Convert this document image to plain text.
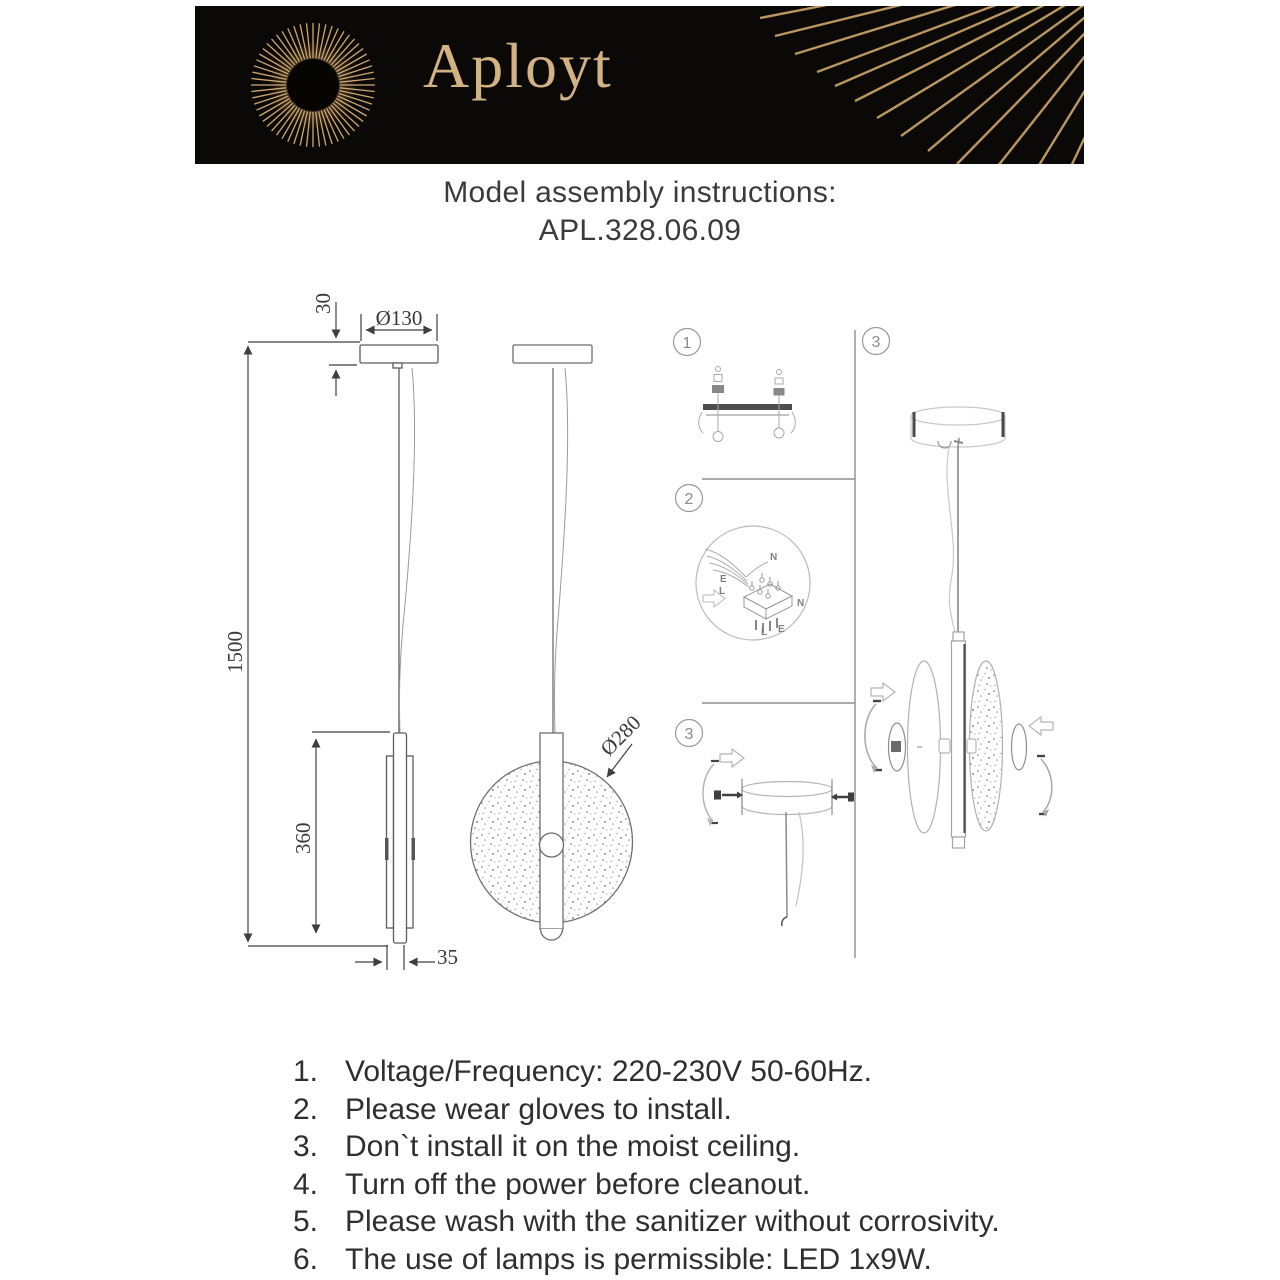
Aployt
Model assembly instructions:
APL.328.06.09
30
Ø130
1500
360
35
Ø280
1
2
3
3
N
E
L
N
L E
1. Voltage/Frequency: 220-230V 50-60Hz.
2. Please wear gloves to install.
3. Don`t install it on the moist ceiling.
4. Turn off the power before cleanout.
5. Please wash with the sanitizer without corrosivity.
6. The use of lamps is permissible: LED 1x9W.
